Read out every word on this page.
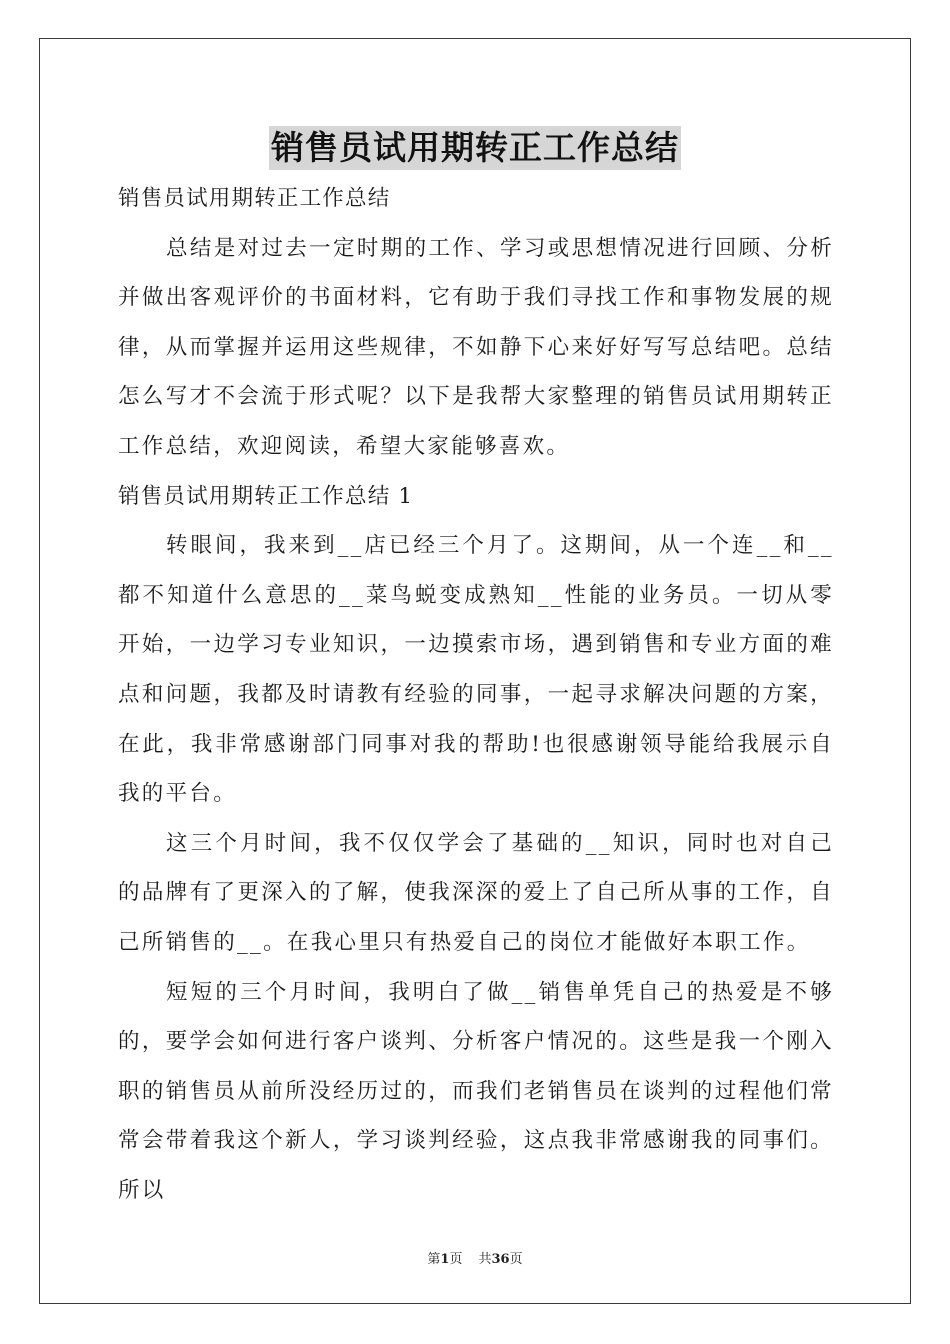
销售员试用期转正工作总结

销售员试用期转正工作总结

总结是对过去一定时期的工作、学习或思想情况进行回顾、分析并做出客观评价的书面材料，它有助于我们寻找工作和事物发展的规律，从而掌握并运用这些规律，不如静下心来好好写写总结吧。总结怎么写才不会流于形式呢？以下是我帮大家整理的销售员试用期转正工作总结，欢迎阅读，希望大家能够喜欢。

销售员试用期转正工作总结 1

转眼间，我来到__店已经三个月了。这期间，从一个连__和__都不知道什么意思的__菜鸟蜕变成熟知__性能的业务员。一切从零开始，一边学习专业知识，一边摸索市场，遇到销售和专业方面的难点和问题，我都及时请教有经验的同事，一起寻求解决问题的方案，在此，我非常感谢部门同事对我的帮助!也很感谢领导能给我展示自我的平台。

这三个月时间，我不仅仅学会了基础的__知识，同时也对自己的品牌有了更深入的了解，使我深深的爱上了自己所从事的工作，自己所销售的__。在我心里只有热爱自己的岗位才能做好本职工作。

短短的三个月时间，我明白了做__销售单凭自己的热爱是不够的，要学会如何进行客户谈判、分析客户情况的。这些是我一个刚入职的销售员从前所没经历过的，而我们老销售员在谈判的过程他们常常会带着我这个新人，学习谈判经验，这点我非常感谢我的同事们。所以

第1页 共36页
